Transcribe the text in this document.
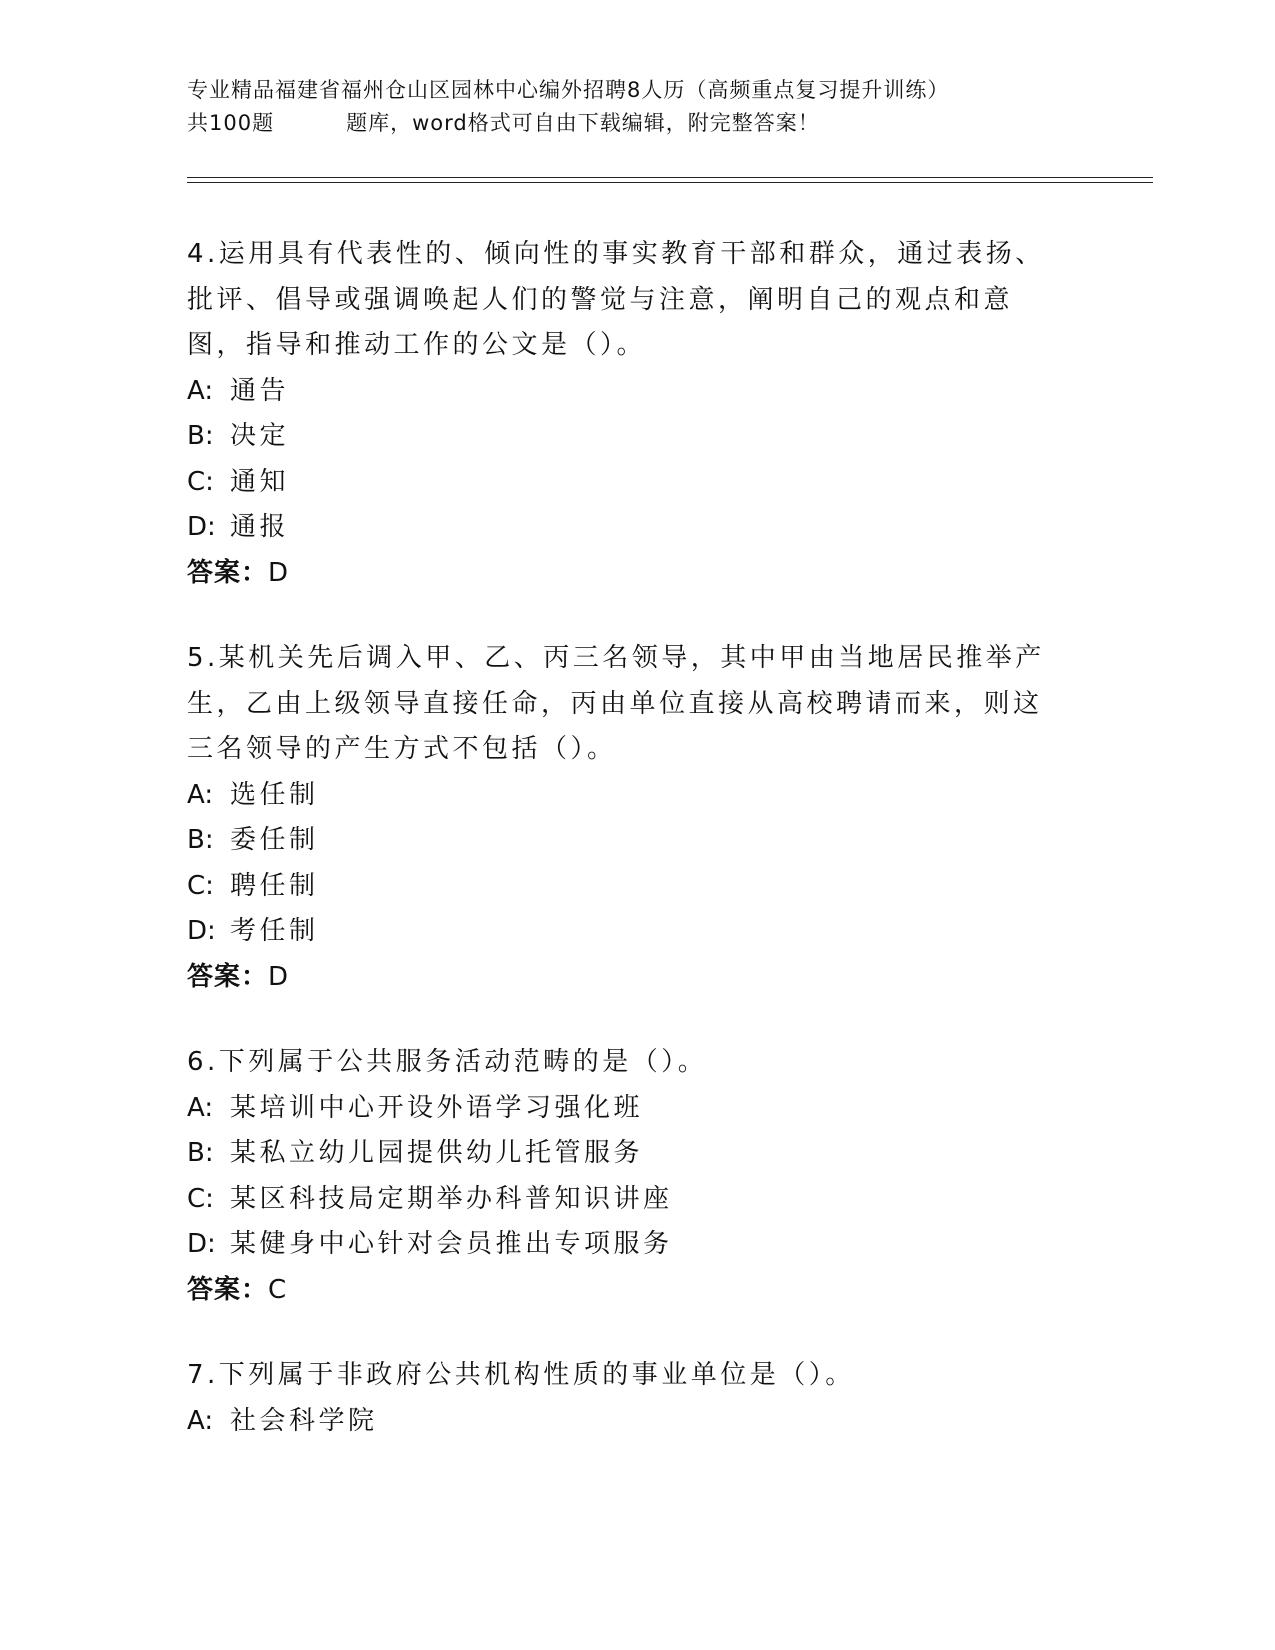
专业精品福建省福州仓山区园林中心编外招聘8人历（高频重点复习提升训练）
共100题	题库，word格式可自由下载编辑，附完整答案！

4.运用具有代表性的、倾向性的事实教育干部和群众，通过表扬、批评、倡导或强调唤起人们的警觉与注意，阐明自己的观点和意图，指导和推动工作的公文是（）。

A: 通告

B: 决定

C: 通知

D: 通报

答案：D

5.某机关先后调入甲、乙、丙三名领导，其中甲由当地居民推举产生，乙由上级领导直接任命，丙由单位直接从高校聘请而来，则这三名领导的产生方式不包括（）。

A: 选任制

B: 委任制

C: 聘任制

D: 考任制

答案：D

6.下列属于公共服务活动范畴的是（）。

A: 某培训中心开设外语学习强化班

B: 某私立幼儿园提供幼儿托管服务

C: 某区科技局定期举办科普知识讲座

D: 某健身中心针对会员推出专项服务

答案：C

7.下列属于非政府公共机构性质的事业单位是（）。

A: 社会科学院
